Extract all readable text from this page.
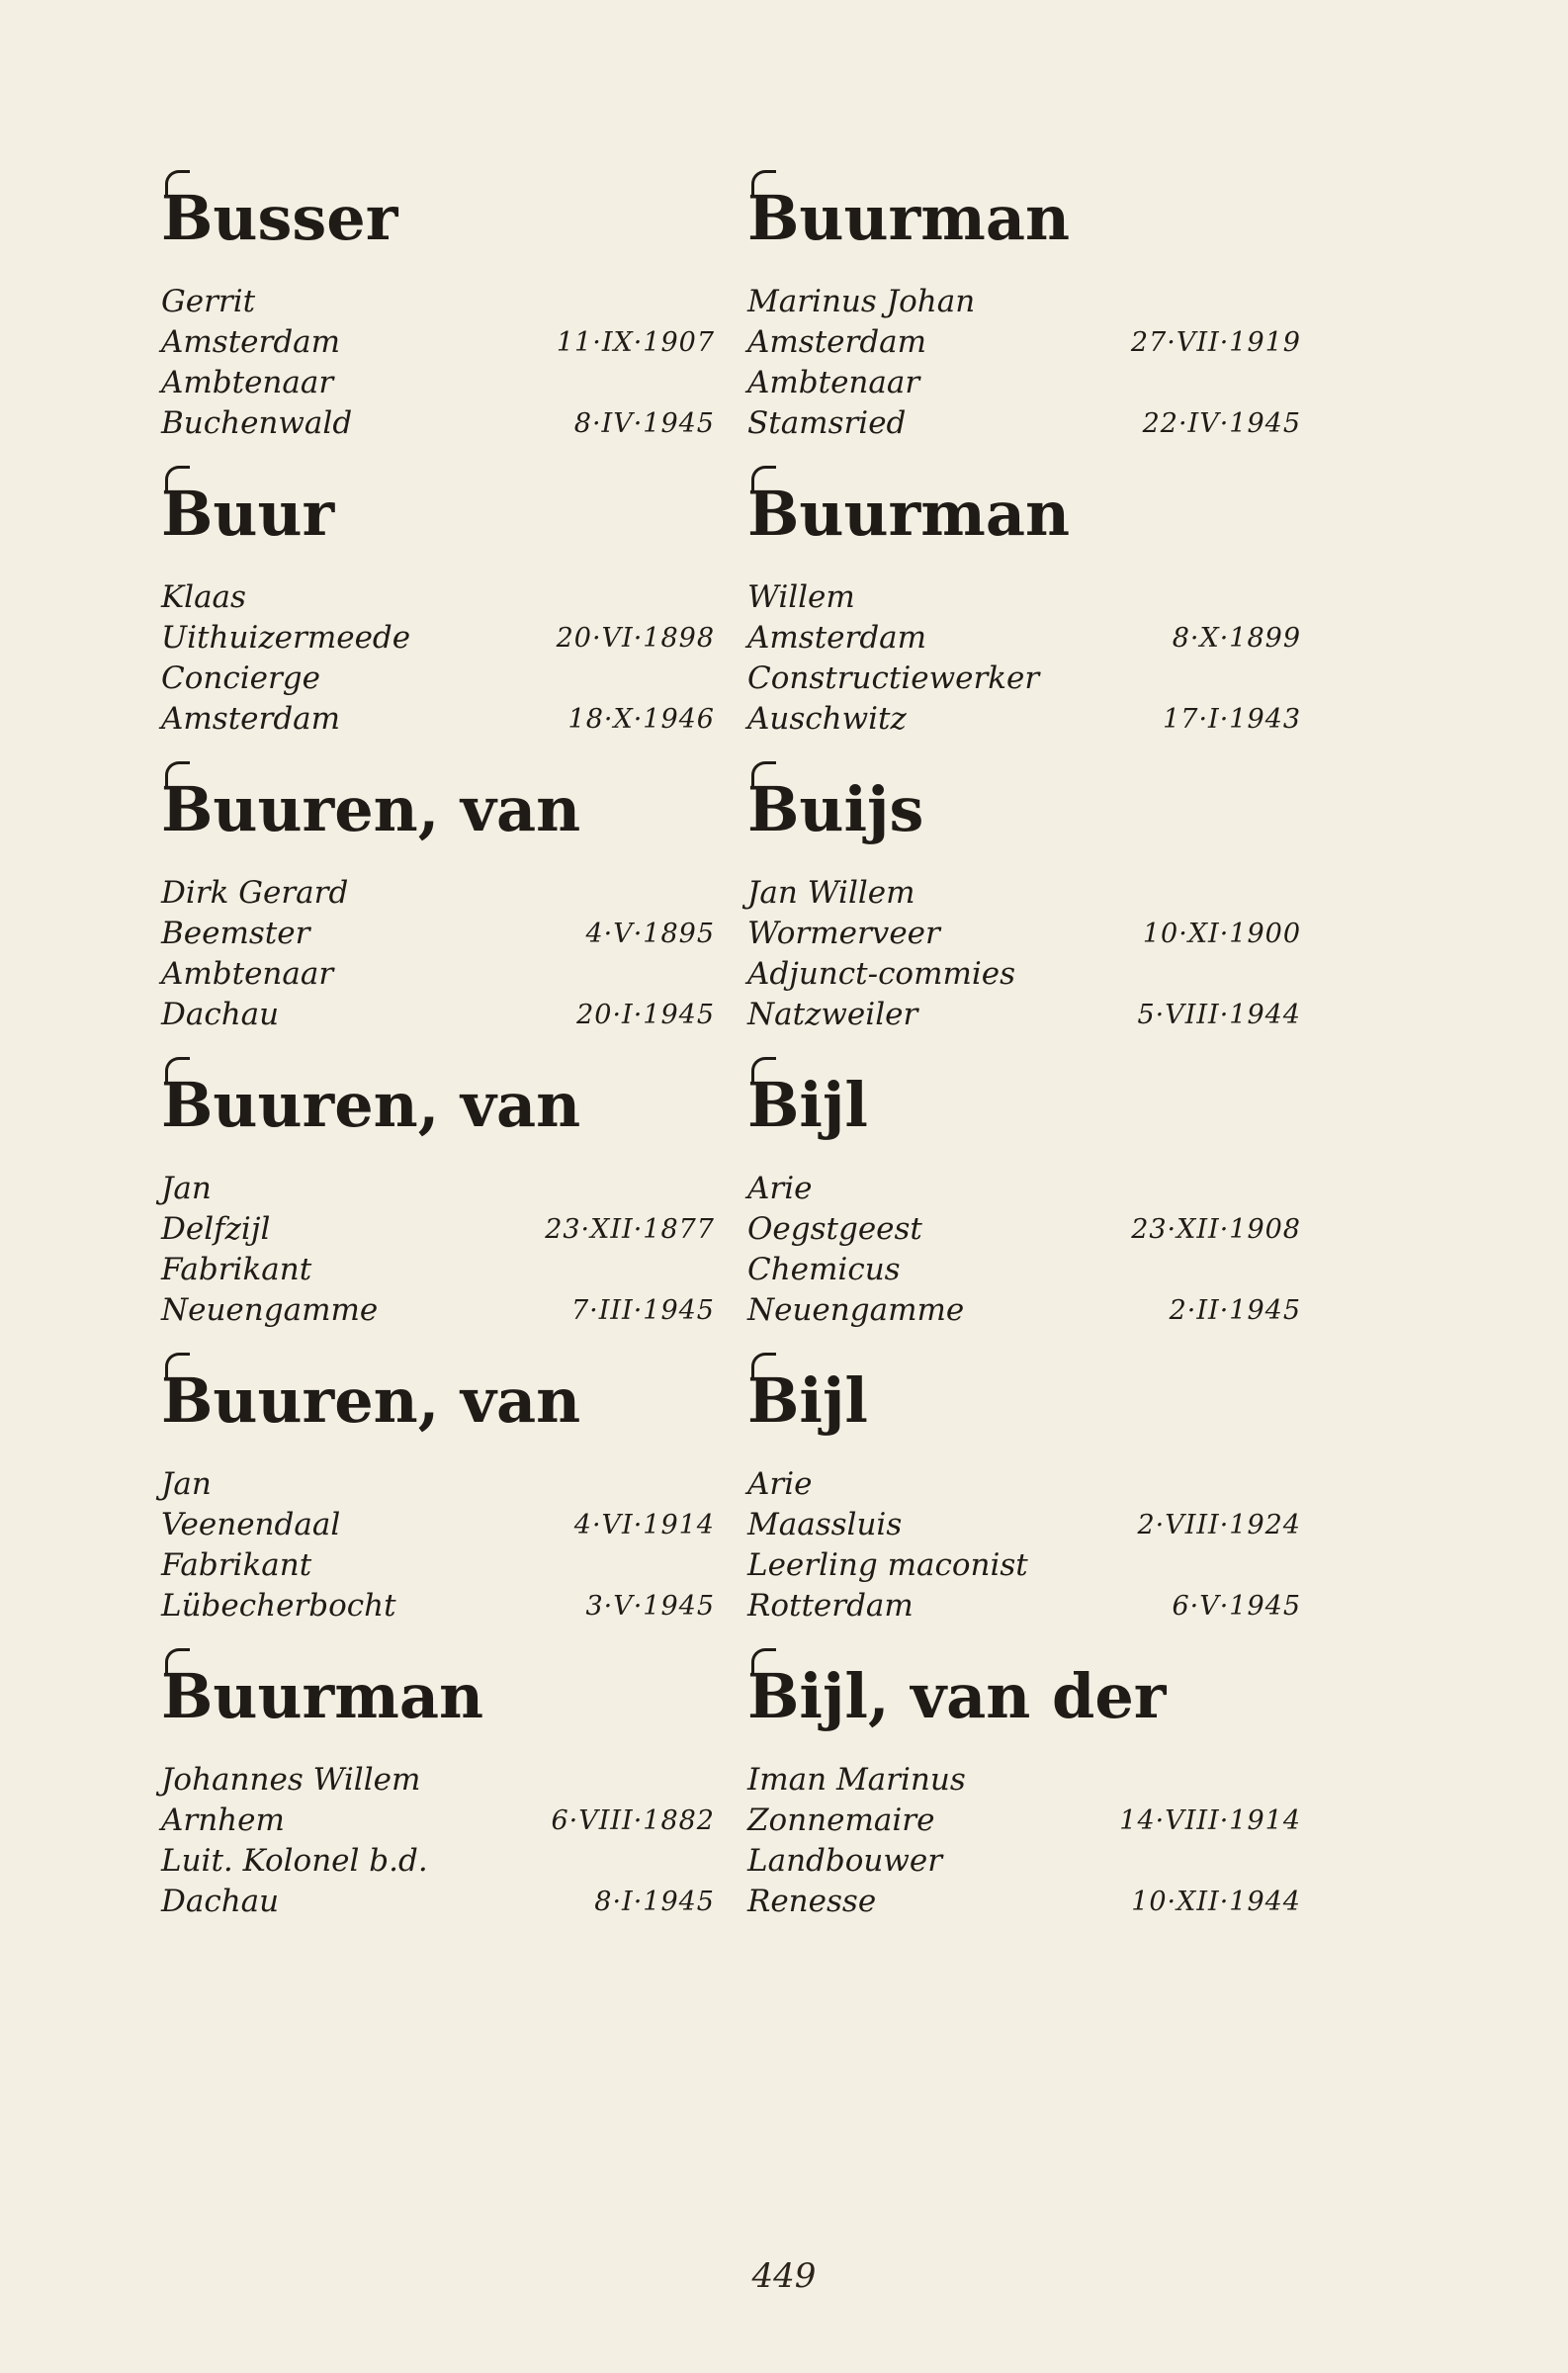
Busser
Gerrit
Amsterdam	11·IX·1907
Ambtenaar
Buchenwald	8·IV·1945
Buur
Klaas
Uithuizermeede	20·VI·1898
Concierge
Amsterdam	18·X·1946
Buuren, van
Dirk Gerard
Beemster	4·V·1895
Ambtenaar
Dachau	20·I·1945
Buuren, van
Jan
Delfzijl	23·XII·1877
Fabrikant
Neuengamme	7·III·1945
Buuren, van
Jan
Veenendaal	4·VI·1914
Fabrikant
Lübecherbocht	3·V·1945
Buurman
Johannes Willem
Arnhem	6·VIII·1882
Luit. Kolonel b.d.
Dachau	8·I·1945
Buurman
Marinus Johan
Amsterdam	27·VII·1919
Ambtenaar
Stamsried	22·IV·1945
Buurman
Willem
Amsterdam	8·X·1899
Constructiewerker
Auschwitz	17·I·1943
Buijs
Jan Willem
Wormerveer	10·XI·1900
Adjunct-commies
Natzweiler	5·VIII·1944
Bijl
Arie
Oegstgeest	23·XII·1908
Chemicus
Neuengamme	2·II·1945
Bijl
Arie
Maassluis	2·VIII·1924
Leerling maconist
Rotterdam	6·V·1945
Bijl, van der
Iman Marinus
Zonnemaire	14·VIII·1914
Landbouwer
Renesse	10·XII·1944
449
